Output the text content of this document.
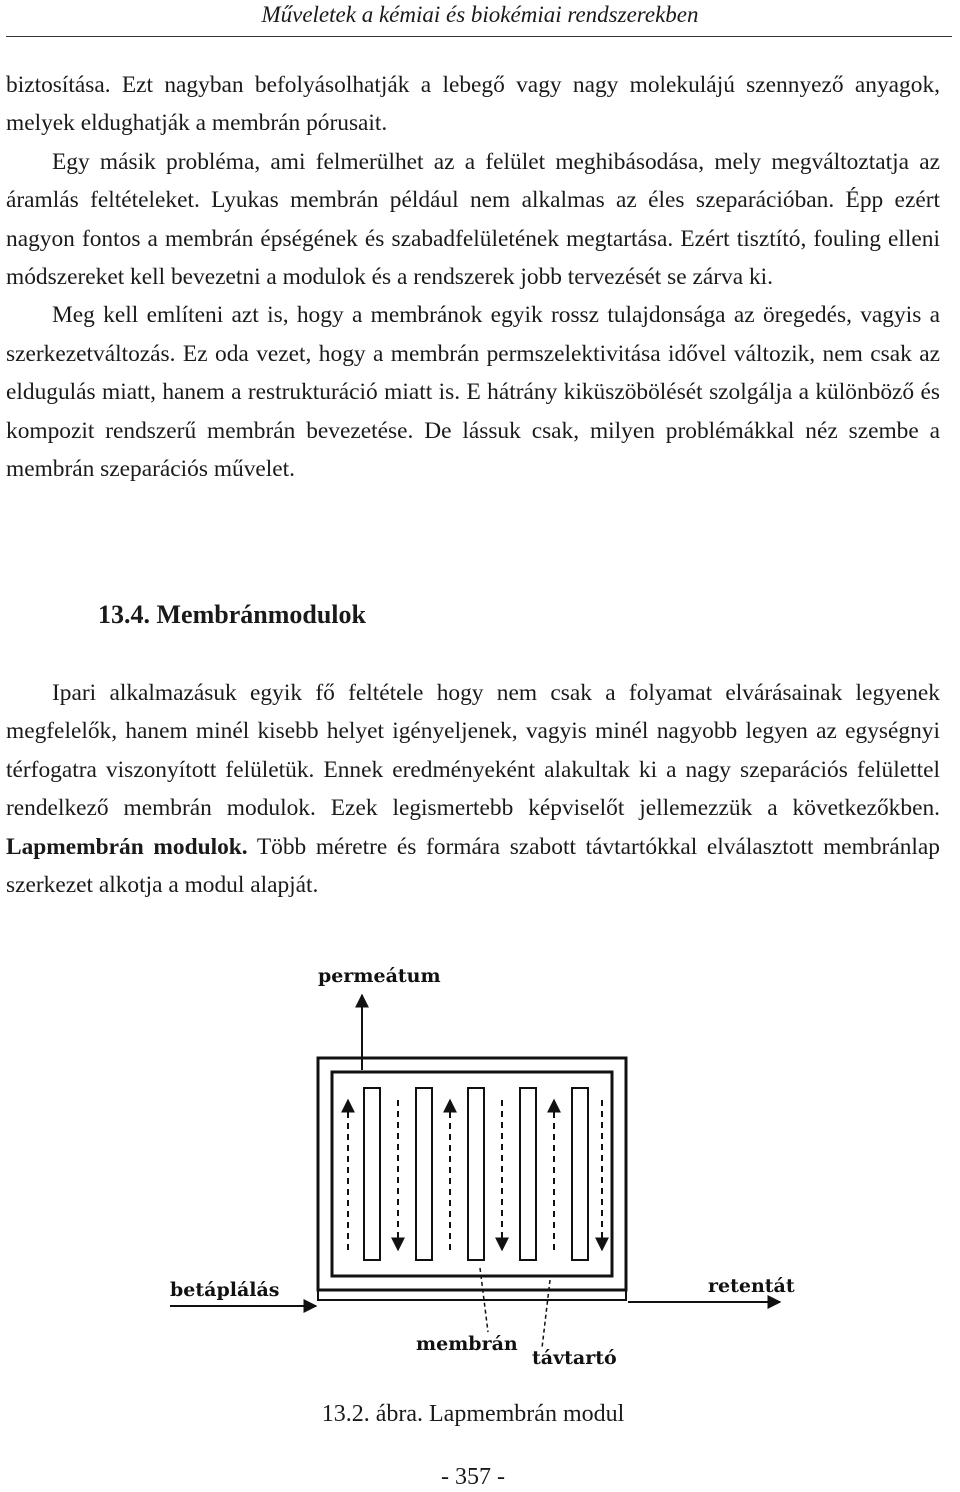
Műveletek a kémiai és biokémiai rendszerekben

biztosítása. Ezt nagyban befolyásolhatják a lebegő vagy nagy molekulájú szennyező anyagok, melyek eldughatják a membrán pórusait.

Egy másik probléma, ami felmerülhet az a felület meghibásodása, mely megváltoztatja az áramlás feltételeket. Lyukas membrán például nem alkalmas az éles szeparációban. Épp ezért nagyon fontos a membrán épségének és szabadfelületének megtartása. Ezért tisztító, fouling elleni módszereket kell bevezetni a modulok és a rendszerek jobb tervezését se zárva ki.

Meg kell említeni azt is, hogy a membránok egyik rossz tulajdonsága az öregedés, vagyis a szerkezetváltozás. Ez oda vezet, hogy a membrán permszelektivitása idővel változik, nem csak az eldugulás miatt, hanem a restrukturáció miatt is. E hátrány kiküszöbölését szolgálja a különböző és kompozit rendszerű membrán bevezetése. De lássuk csak, milyen problémákkal néz szembe a membrán szeparációs művelet.

13.4. Membránmodulok

Ipari alkalmazásuk egyik fő feltétele hogy nem csak a folyamat elvárásainak legyenek megfelelők, hanem minél kisebb helyet igényeljenek, vagyis minél nagyobb legyen az egységnyi térfogatra viszonyított felületük. Ennek eredményeként alakultak ki a nagy szeparációs felülettel rendelkező membrán modulok. Ezek legismertebb képviselőt jellemezzük a következőkben. Lapmembrán modulok. Több méretre és formára szabott távtartókkal elválasztott membránlap szerkezet alkotja a modul alapját.

permeátum
betáplálás	retentát
membrán
távtartó
13.2. ábra. Lapmembrán modul
- 357 -
